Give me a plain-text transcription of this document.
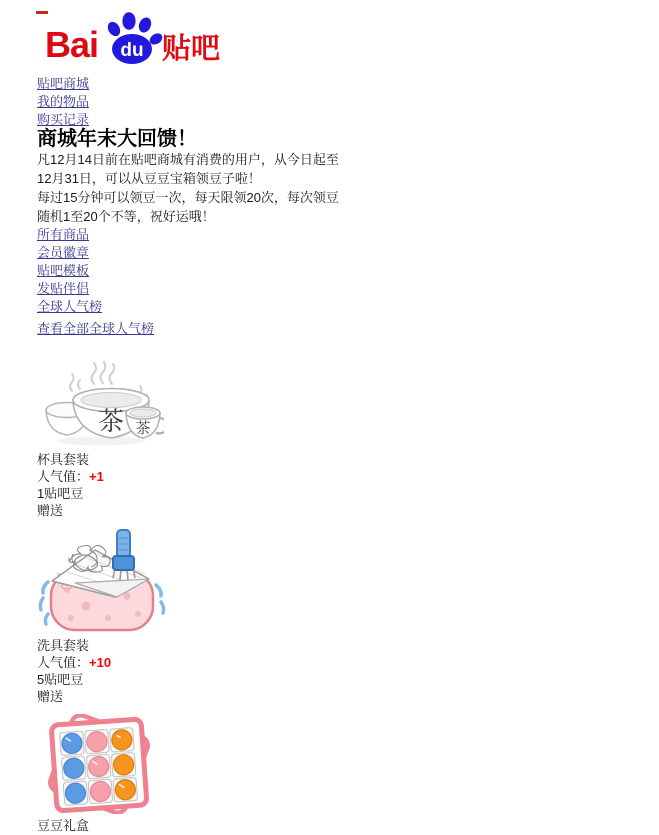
Bai du 贴吧
贴吧商城
我的物品
购买记录
商城年末大回馈！

凡12月14日前在贴吧商城有消费的用户，从今日起至12月31日，可以从豆豆宝箱领豆子啦！

每过15分钟可以领豆一次，每天限领20次，每次领豆随机1至20个不等，祝好运哦！

所有商品
会员徽章
贴吧模板
发贴伴侣
全球人气榜
查看全部全球人气榜
茶 茶
杯具套装
人气值：+1
1贴吧豆
赠送
洗具套装
人气值：+10
5贴吧豆
赠送
豆豆礼盒
